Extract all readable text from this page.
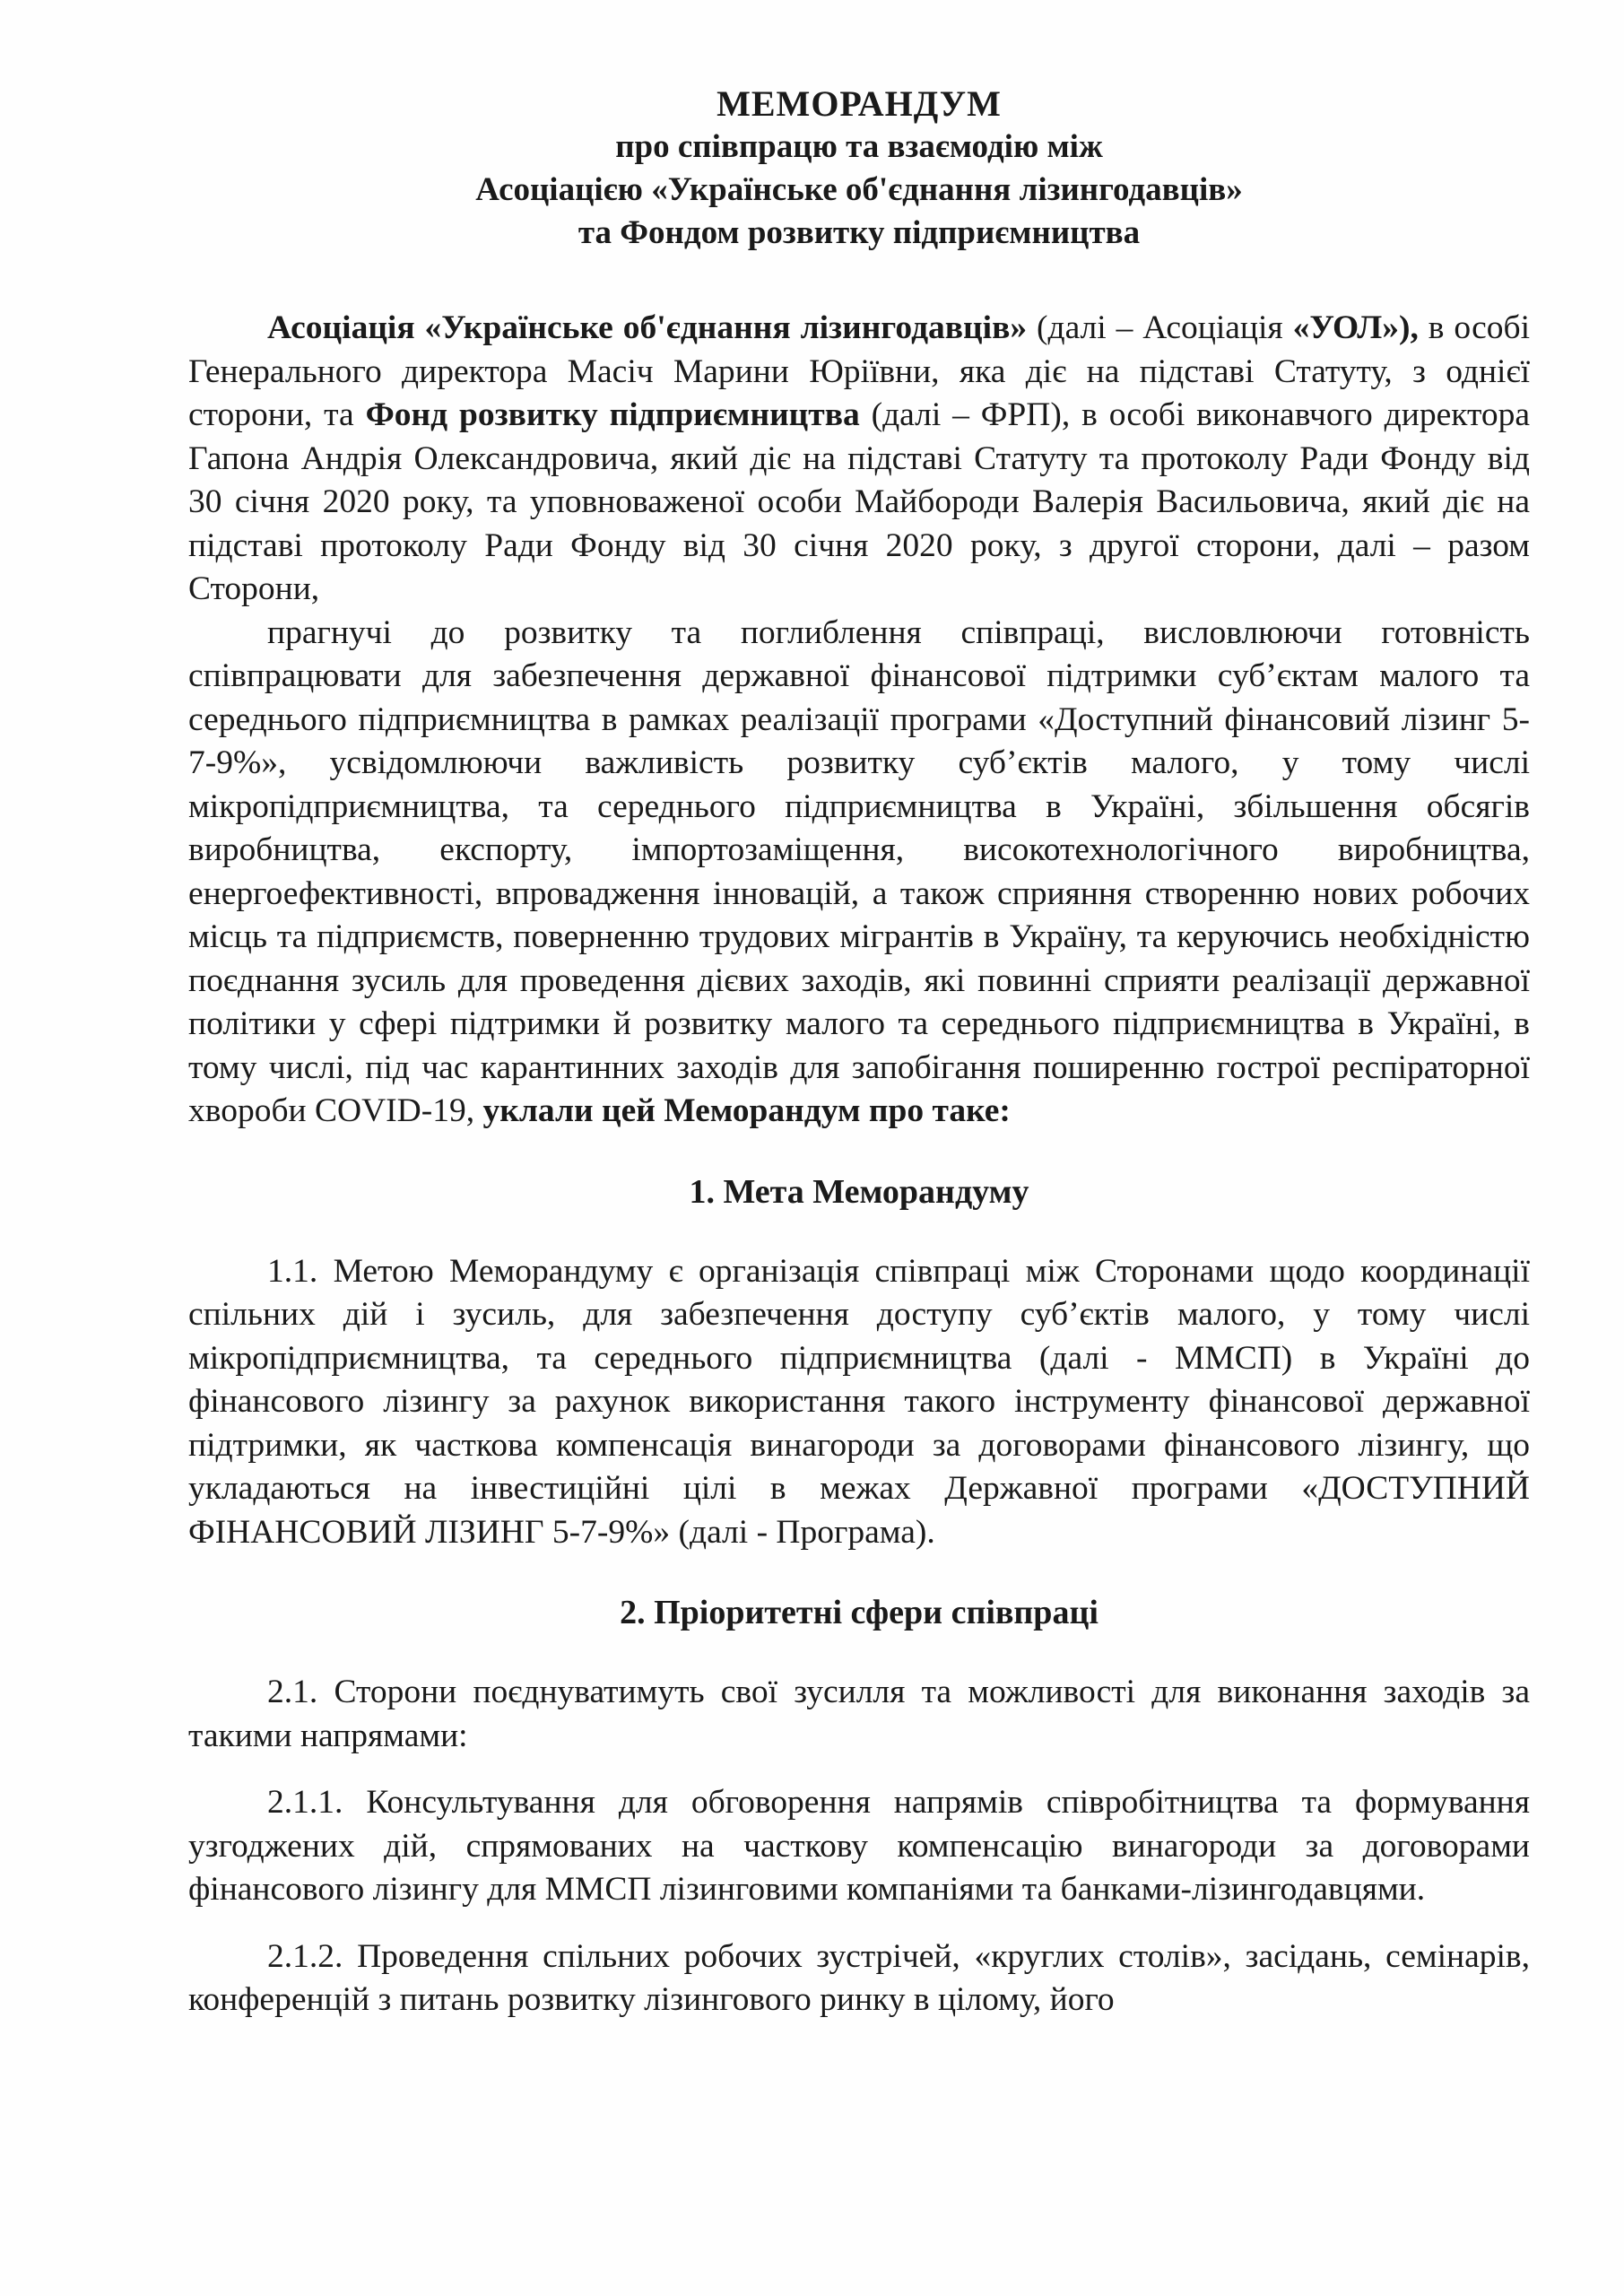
МЕМОРАНДУМ
про співпрацю та взаємодію між
Асоціацією «Українське об'єднання лізингодавців»
та Фондом розвитку підприємництва

Асоціація «Українське об'єднання лізингодавців» (далі – Асоціація «УОЛ»), в особі Генерального директора Масіч Марини Юріївни, яка діє на підставі Статуту, з однієї сторони, та Фонд розвитку підприємництва (далі – ФРП), в особі виконавчого директора Гапона Андрія Олександровича, який діє на підставі Статуту та протоколу Ради Фонду від 30 січня 2020 року, та уповноваженої особи Майбороди Валерія Васильовича, який діє на підставі протоколу Ради Фонду від 30 січня 2020 року, з другої сторони, далі – разом Сторони,

прагнучі до розвитку та поглиблення співпраці, висловлюючи готовність співпрацювати для забезпечення державної фінансової підтримки суб’єктам малого та середнього підприємництва в рамках реалізації програми «Доступний фінансовий лізинг 5-7-9%», усвідомлюючи важливість розвитку суб’єктів малого, у тому числі мікропідприємництва, та середнього підприємництва в Україні, збільшення обсягів виробництва, експорту, імпортозаміщення, високотехнологічного виробництва, енергоефективності, впровадження інновацій, а також сприяння створенню нових робочих місць та підприємств, поверненню трудових мігрантів в Україну, та керуючись необхідністю поєднання зусиль для проведення дієвих заходів, які повинні сприяти реалізації державної політики у сфері підтримки й розвитку малого та середнього підприємництва в Україні, в тому числі, під час карантинних заходів для запобігання поширенню гострої респіраторної хвороби COVID-19, уклали цей Меморандум про таке:

1. Мета Меморандуму

1.1. Метою Меморандуму є організація співпраці між Сторонами щодо координації спільних дій і зусиль, для забезпечення доступу суб’єктів малого, у тому числі мікропідприємництва, та середнього підприємництва (далі - ММСП) в Україні до фінансового лізингу за рахунок використання такого інструменту фінансової державної підтримки, як часткова компенсація винагороди за договорами фінансового лізингу, що укладаються на інвестиційні цілі в межах Державної програми «ДОСТУПНИЙ ФІНАНСОВИЙ ЛІЗИНГ 5-7-9%» (далі - Програма).

2. Пріоритетні сфери співпраці

2.1. Сторони поєднуватимуть свої зусилля та можливості для виконання заходів за такими напрямами:

2.1.1. Консультування для обговорення напрямів співробітництва та формування узгоджених дій, спрямованих на часткову компенсацію винагороди за договорами фінансового лізингу для ММСП лізинговими компаніями та банками-лізингодавцями.

2.1.2. Проведення спільних робочих зустрічей, «круглих столів», засідань, семінарів, конференцій з питань розвитку лізингового ринку в цілому, його
